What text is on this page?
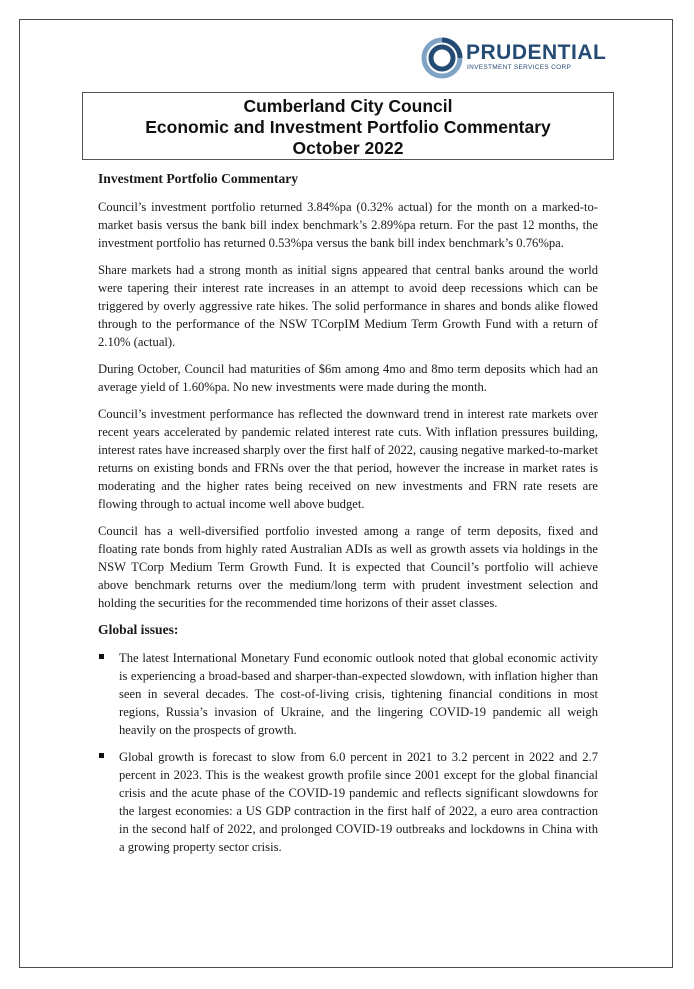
PRUDENTIAL
INVESTMENT SERVICES CORP
Cumberland City Council
Economic and Investment Portfolio Commentary
October 2022
Investment Portfolio Commentary

Council’s investment portfolio returned 3.84%pa (0.32% actual) for the month on a marked-to-market basis versus the bank bill index benchmark’s 2.89%pa return. For the past 12 months, the investment portfolio has returned 0.53%pa versus the bank bill index benchmark’s 0.76%pa.

Share markets had a strong month as initial signs appeared that central banks around the world were tapering their interest rate increases in an attempt to avoid deep recessions which can be triggered by overly aggressive rate hikes. The solid performance in shares and bonds alike flowed through to the performance of the NSW TCorpIM Medium Term Growth Fund with a return of 2.10% (actual).

During October, Council had maturities of $6m among 4mo and 8mo term deposits which had an average yield of 1.60%pa. No new investments were made during the month.

Council’s investment performance has reflected the downward trend in interest rate markets over recent years accelerated by pandemic related interest rate cuts. With inflation pressures building, interest rates have increased sharply over the first half of 2022, causing negative marked-to-market returns on existing bonds and FRNs over the that period, however the increase in market rates is moderating and the higher rates being received on new investments and FRN rate resets are flowing through to actual income well above budget.

Council has a well-diversified portfolio invested among a range of term deposits, fixed and floating rate bonds from highly rated Australian ADIs as well as growth assets via holdings in the NSW TCorp Medium Term Growth Fund. It is expected that Council’s portfolio will achieve above benchmark returns over the medium/long term with prudent investment selection and holding the securities for the recommended time horizons of their asset classes.

Global issues:
The latest International Monetary Fund economic outlook noted that global economic activity is experiencing a broad-based and sharper-than-expected slowdown, with inflation higher than seen in several decades. The cost-of-living crisis, tightening financial conditions in most regions, Russia’s invasion of Ukraine, and the lingering COVID-19 pandemic all weigh heavily on the prospects of growth.
Global growth is forecast to slow from 6.0 percent in 2021 to 3.2 percent in 2022 and 2.7 percent in 2023. This is the weakest growth profile since 2001 except for the global financial crisis and the acute phase of the COVID-19 pandemic and reflects significant slowdowns for the largest economies: a US GDP contraction in the first half of 2022, a euro area contraction in the second half of 2022, and prolonged COVID-19 outbreaks and lockdowns in China with a growing property sector crisis.
